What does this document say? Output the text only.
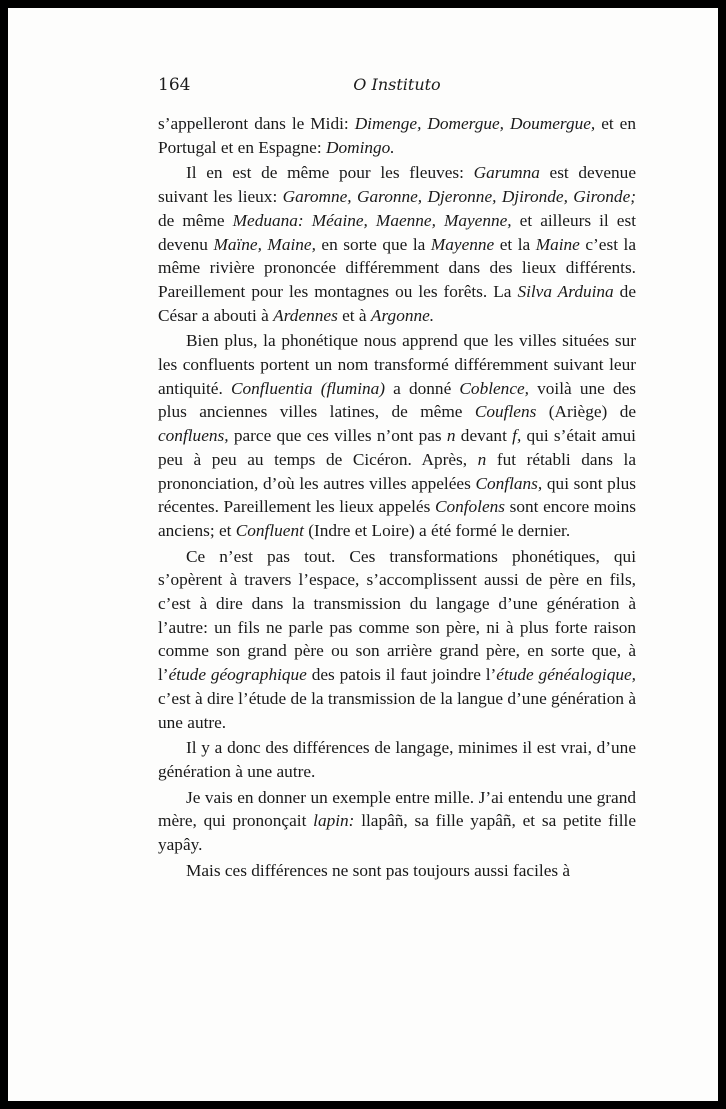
164	O Instituto

s’appelleront dans le Midi: Dimenge, Domergue, Doumergue, et en Portugal et en Espagne: Domingo.

Il en est de même pour les fleuves: Garumna est devenue suivant les lieux: Garomne, Garonne, Djeronne, Djironde, Gironde; de même Meduana: Méaine, Maenne, Mayenne, et ailleurs il est devenu Maïne, Maine, en sorte que la Mayenne et la Maine c’est la même rivière prononcée différemment dans des lieux différents. Pareillement pour les montagnes ou les forêts. La Silva Arduina de César a abouti à Ardennes et à Argonne.

Bien plus, la phonétique nous apprend que les villes situées sur les confluents portent un nom transformé différemment suivant leur antiquité. Confluentia (flumina) a donné Coblence, voilà une des plus anciennes villes latines, de même Couflens (Ariège) de confluens, parce que ces villes n’ont pas n devant f, qui s’était amui peu à peu au temps de Cicéron. Après, n fut rétabli dans la prononciation, d’où les autres villes appelées Conflans, qui sont plus récentes. Pareillement les lieux appelés Confolens sont encore moins anciens; et Confluent (Indre et Loire) a été formé le dernier.

Ce n’est pas tout. Ces transformations phonétiques, qui s’opèrent à travers l’espace, s’accomplissent aussi de père en fils, c’est à dire dans la transmission du langage d’une génération à l’autre: un fils ne parle pas comme son père, ni à plus forte raison comme son grand père ou son arrière grand père, en sorte que, à l’étude géographique des patois il faut joindre l’étude généalogique, c’est à dire l’étude de la transmission de la langue d’une génération à une autre.

Il y a donc des différences de langage, minimes il est vrai, d’une génération à une autre.

Je vais en donner un exemple entre mille. J’ai entendu une grand mère, qui prononçait lapin: llapâñ, sa fille yapâñ, et sa petite fille yapây.

Mais ces différences ne sont pas toujours aussi faciles à
